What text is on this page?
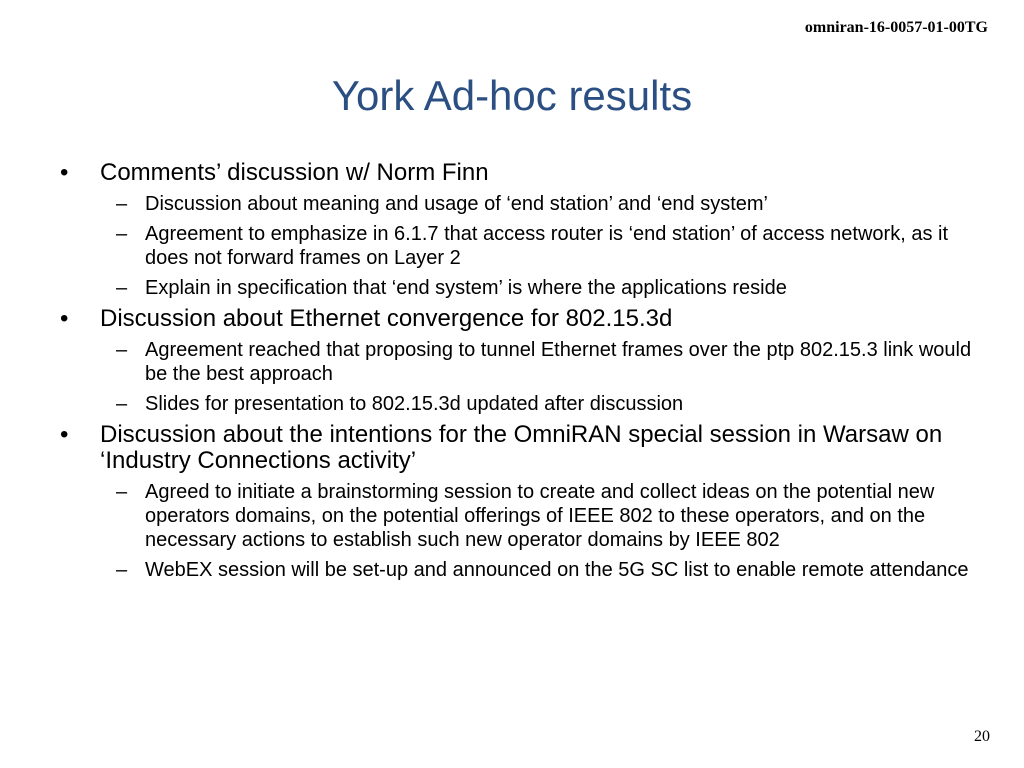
omniran-16-0057-01-00TG
York Ad-hoc results
•	Comments’ discussion w/ Norm Finn
– Discussion about meaning and usage of ‘end station’ and ‘end system’
– Agreement to emphasize in 6.1.7 that access router is ‘end station’ of access network, as it does not forward frames on Layer 2
– Explain in specification that ‘end system’ is where the applications reside
•	Discussion about Ethernet convergence for 802.15.3d
– Agreement reached that proposing to tunnel Ethernet frames over the ptp 802.15.3 link would be the best approach
– Slides for presentation to 802.15.3d updated after discussion
•	Discussion about the intentions for the OmniRAN special session in Warsaw on ‘Industry Connections activity’
– Agreed to initiate a brainstorming session to create and collect ideas on the potential new operators domains, on the potential offerings of IEEE 802 to these operators, and on the necessary actions to establish such new operator domains by IEEE 802
– WebEX session will be set-up and announced on the 5G SC list to enable remote attendance
20
